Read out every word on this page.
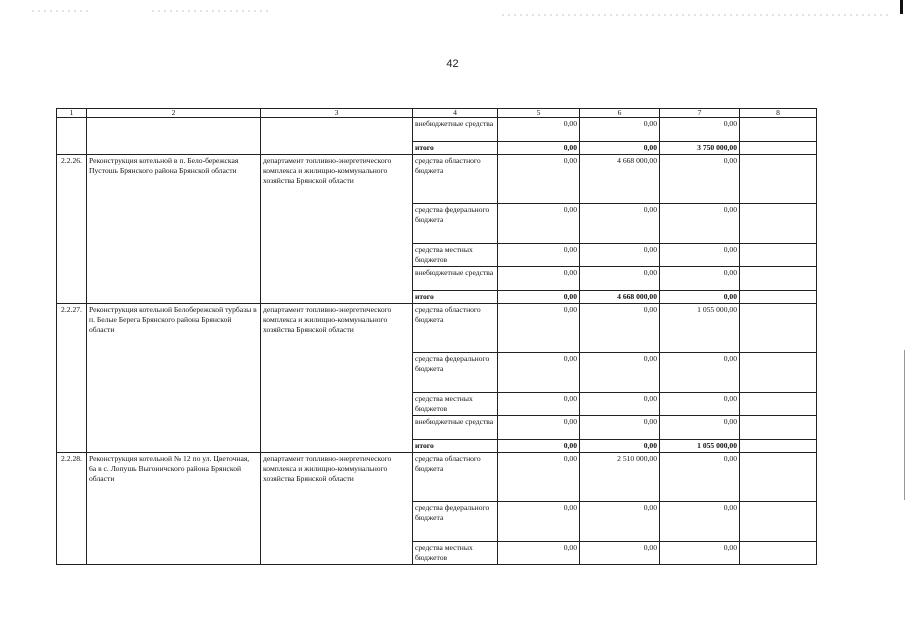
42
1	2	3	4	5	6	7	8
			внебюджетные средства	0,00	0,00	0,00	
			итого	0,00	0,00	3 750 000,00	
2.2.26.	Реконструкция котельной в п. Бело-бережская Пустошь Брянского района Брянской области	департамент топливно-энергетического комплекса и жилищно-коммунального хозяйства Брянской области	средства областного бюджета	0,00	4 668 000,00	0,00	
			средства федерального бюджета	0,00	0,00	0,00	
			средства местных бюджетов	0,00	0,00	0,00	
			внебюджетные средства	0,00	0,00	0,00	
			итого	0,00	4 668 000,00	0,00	
2.2.27.	Реконструкция котельной Белобережской турбазы в п. Белые Берега Брянского района Брянской области	департамент топливно-энергетического комплекса и жилищно-коммунального хозяйства Брянской области	средства областного бюджета	0,00	0,00	1 055 000,00	
			средства федерального бюджета	0,00	0,00	0,00	
			средства местных бюджетов	0,00	0,00	0,00	
			внебюджетные средства	0,00	0,00	0,00	
			итого	0,00	0,00	1 055 000,00	
2.2.28.	Реконструкция котельной № 12 по ул. Цветочная, 6а в с. Лопушь Выгоничского района Брянской области	департамент топливно-энергетического комплекса и жилищно-коммунального хозяйства Брянской области	средства областного бюджета	0,00	2 510 000,00	0,00	
			средства федерального бюджета	0,00	0,00	0,00	
			средства местных бюджетов	0,00	0,00	0,00	
